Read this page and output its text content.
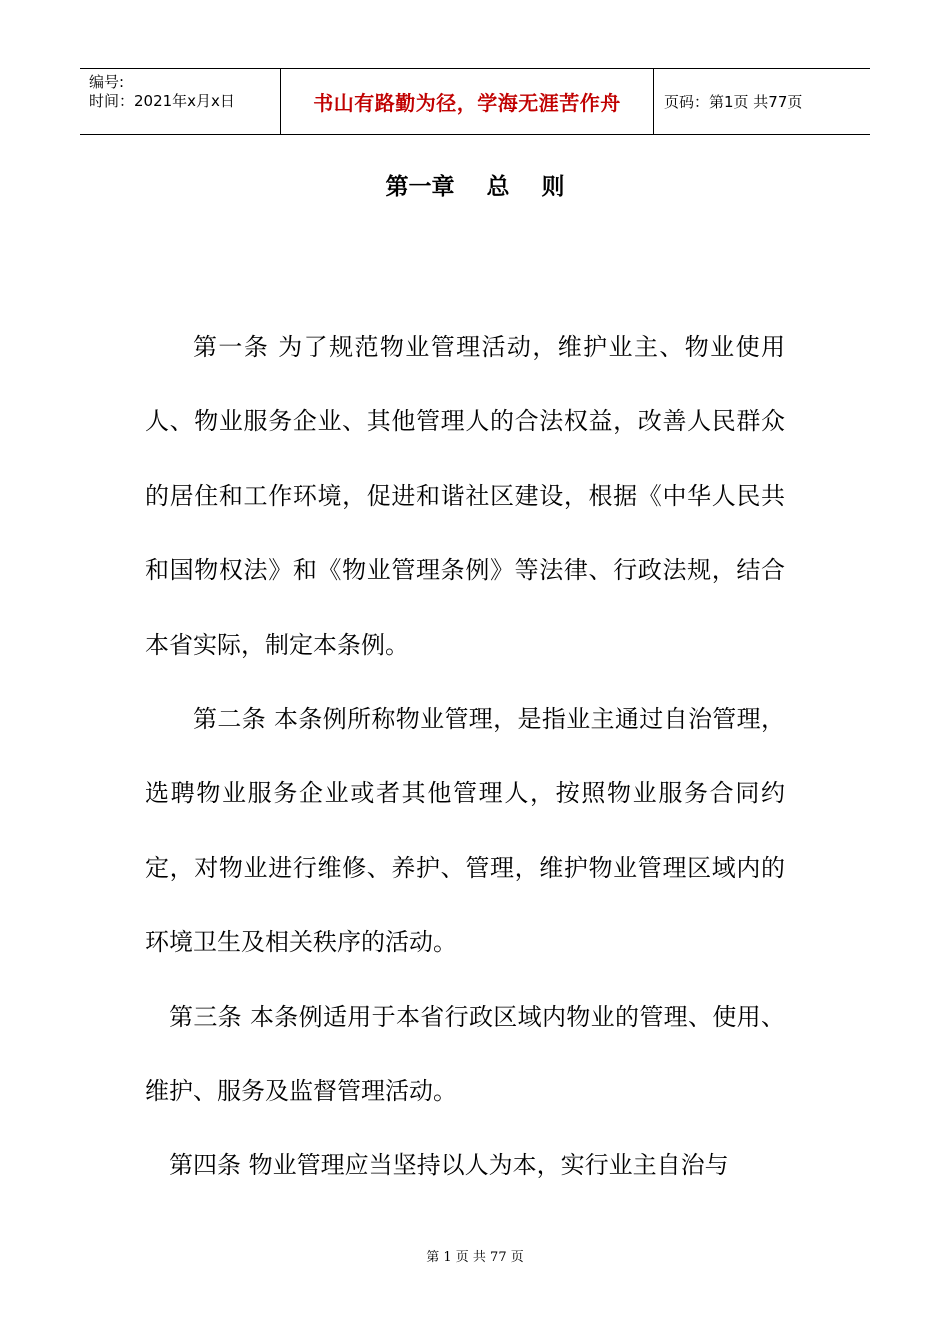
编号:
时间：2021年x月x日	书山有路勤为径，学海无涯苦作舟	页码：第1页 共77页
第一章    总    则

第一条 为了规范物业管理活动，维护业主、物业使用人、物业服务企业、其他管理人的合法权益，改善人民群众的居住和工作环境，促进和谐社区建设，根据《中华人民共和国物权法》和《物业管理条例》等法律、行政法规，结合本省实际，制定本条例。

第二条 本条例所称物业管理，是指业主通过自治管理，选聘物业服务企业或者其他管理人，按照物业服务合同约定，对物业进行维修、养护、管理，维护物业管理区域内的环境卫生及相关秩序的活动。

第三条 本条例适用于本省行政区域内物业的管理、使用、维护、服务及监督管理活动。

第四条 物业管理应当坚持以人为本，实行业主自治与

第 1 页 共 77 页
